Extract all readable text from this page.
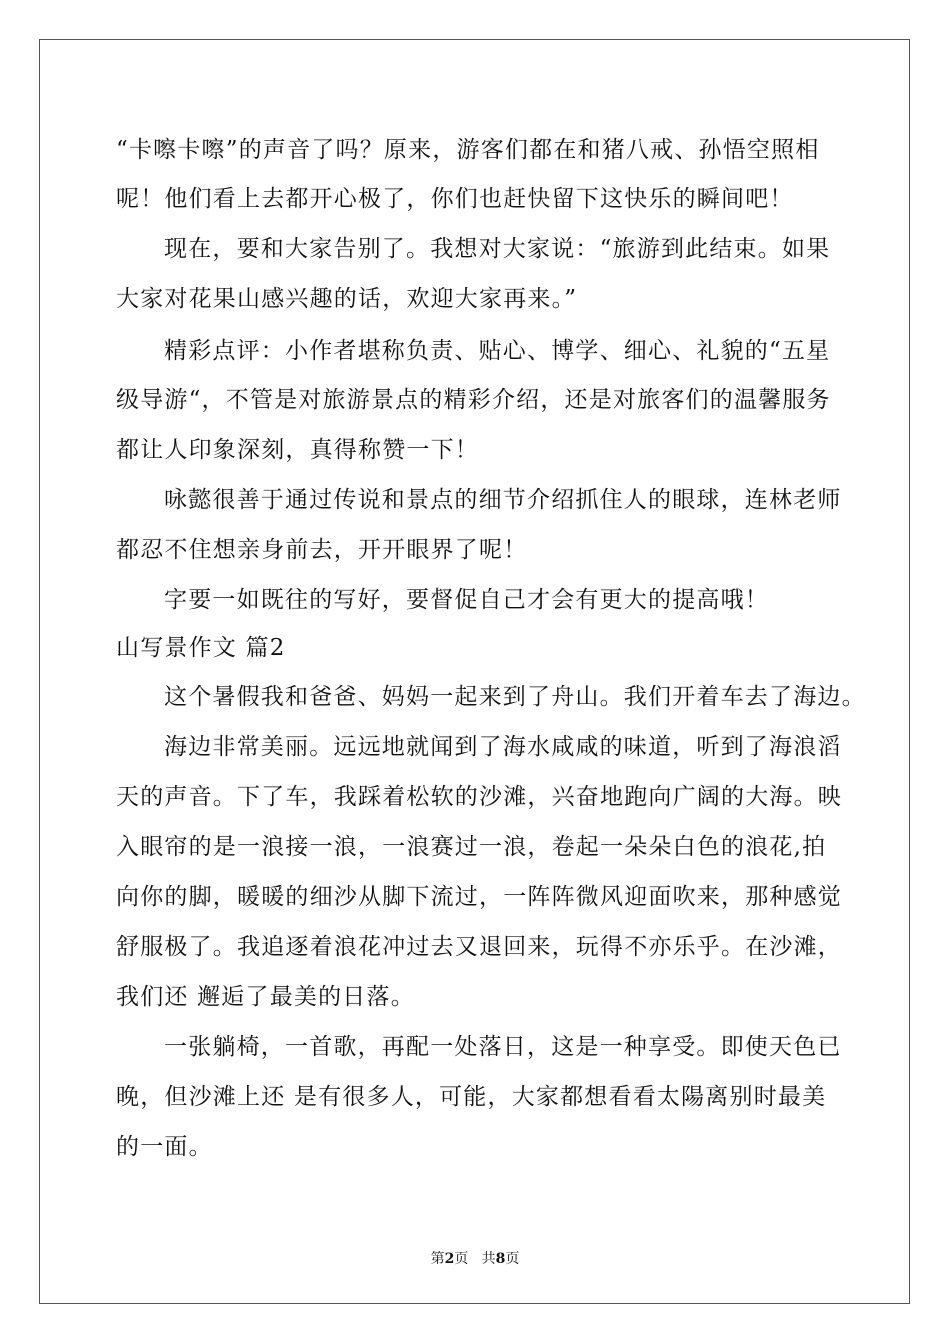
“卡嚓卡嚓”的声音了吗？原来，游客们都在和猪八戒、孙悟空照相
呢！他们看上去都开心极了，你们也赶快留下这快乐的瞬间吧！
现在，要和大家告别了。我想对大家说：“旅游到此结束。如果
大家对花果山感兴趣的话，欢迎大家再来。”
精彩点评：小作者堪称负责、贴心、博学、细心、礼貌的“五星
级导游“，不管是对旅游景点的精彩介绍，还是对旅客们的温馨服务
都让人印象深刻，真得称赞一下！
咏懿很善于通过传说和景点的细节介绍抓住人的眼球，连林老师
都忍不住想亲身前去，开开眼界了呢！
字要一如既往的写好，要督促自己才会有更大的提高哦！
山写景作文 篇2
这个暑假我和爸爸、妈妈一起来到了舟山。我们开着车去了海边。
海边非常美丽。远远地就闻到了海水咸咸的味道，听到了海浪滔
天的声音。下了车，我踩着松软的沙滩，兴奋地跑向广阔的大海。映
入眼帘的是一浪接一浪，一浪赛过一浪，卷起一朵朵白色的浪花,拍
向你的脚，暖暖的细沙从脚下流过，一阵阵微风迎面吹来，那种感觉
舒服极了。我追逐着浪花冲过去又退回来，玩得不亦乐乎。在沙滩，
我们还 邂逅了最美的日落。
一张躺椅，一首歌，再配一处落日，这是一种享受。即使天色已
晚，但沙滩上还 是有很多人，可能，大家都想看看太陽离别时最美
的一面。
第2页 共8页
